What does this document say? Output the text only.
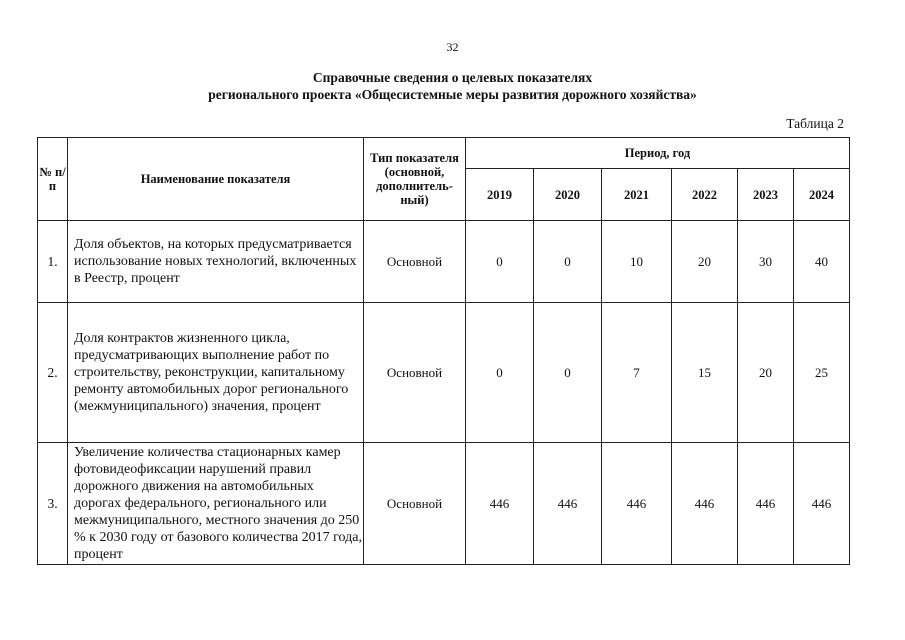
32
Справочные сведения о целевых показателях
регионального проекта «Общесистемные меры развития дорожного хозяйства»
Таблица 2
№ п/п	Наименование показателя	Тип показателя (основной, дополнитель-ный)	Период, год					
			2019	2020	2021	2022	2023	2024
1.	Доля объектов, на которых предусматривается использование новых технологий, включенных в Реестр, процент	Основной	0	0	10	20	30	40
2.	Доля контрактов жизненного цикла, предусматривающих выполнение работ по строительству, реконструкции, капитальному ремонту автомобильных дорог регионального (межмуниципального) значения, процент	Основной	0	0	7	15	20	25
3.	Увеличение количества стационарных камер фотовидеофиксации нарушений правил дорожного движения на автомобильных дорогах федерального, регионального или межмуниципального, местного значения до 250 % к 2030 году от базового количества 2017 года, процент	Основной	446	446	446	446	446	446
